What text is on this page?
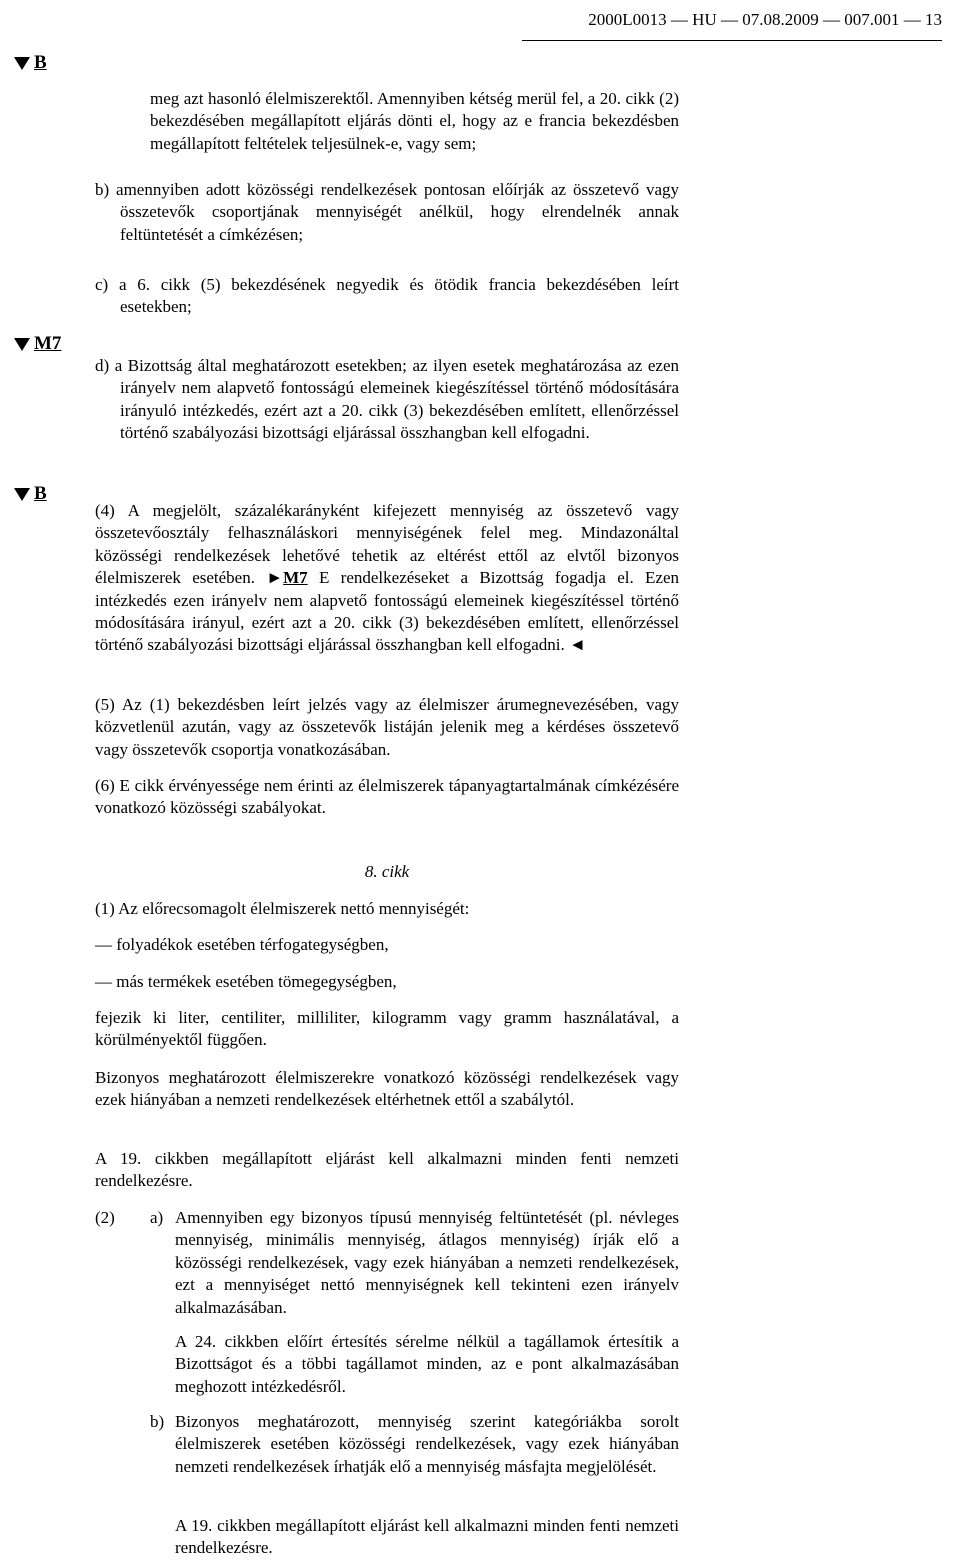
2000L0013 — HU — 07.08.2009 — 007.001 — 13
B
M7
B
meg azt hasonló élelmiszerektől. Amennyiben kétség merül fel, a 20. cikk (2) bekezdésében megállapított eljárás dönti el, hogy az e francia bekezdésben megállapított feltételek teljesülnek-e, vagy sem;
b) amennyiben adott közösségi rendelkezések pontosan előírják az összetevő vagy összetevők csoportjának mennyiségét anélkül, hogy elrendelnék annak feltüntetését a címkézésen;
c) a 6. cikk (5) bekezdésének negyedik és ötödik francia bekezdésében leírt esetekben;
d) a Bizottság által meghatározott esetekben; az ilyen esetek meghatározása az ezen irányelv nem alapvető fontosságú elemeinek kiegészítéssel történő módosítására irányuló intézkedés, ezért azt a 20. cikk (3) bekezdésében említett, ellenőrzéssel történő szabályozási bizottsági eljárással összhangban kell elfogadni.
(4) A megjelölt, százalékarányként kifejezett mennyiség az összetevő vagy összetevőosztály felhasználáskori mennyiségének felel meg. Mindazonáltal közösségi rendelkezések lehetővé tehetik az eltérést ettől az elvtől bizonyos élelmiszerek esetében. ►M7 E rendelkezéseket a Bizottság fogadja el. Ezen intézkedés ezen irányelv nem alapvető fontosságú elemeinek kiegészítéssel történő módosítására irányul, ezért azt a 20. cikk (3) bekezdésében említett, ellenőrzéssel történő szabályozási bizottsági eljárással összhangban kell elfogadni. ◄
(5) Az (1) bekezdésben leírt jelzés vagy az élelmiszer árumegnevezésében, vagy közvetlenül azután, vagy az összetevők listáján jelenik meg a kérdéses összetevő vagy összetevők csoportja vonatkozásában.
(6) E cikk érvényessége nem érinti az élelmiszerek tápanyagtartalmának címkézésére vonatkozó közösségi szabályokat.
8. cikk
(1) Az előrecsomagolt élelmiszerek nettó mennyiségét:
— folyadékok esetében térfogategységben,
— más termékek esetében tömegegységben,
fejezik ki liter, centiliter, milliliter, kilogramm vagy gramm használatával, a körülményektől függően.
Bizonyos meghatározott élelmiszerekre vonatkozó közösségi rendelkezések vagy ezek hiányában a nemzeti rendelkezések eltérhetnek ettől a szabálytól.
A 19. cikkben megállapított eljárást kell alkalmazni minden fenti nemzeti rendelkezésre.
(2) a) Amennyiben egy bizonyos típusú mennyiség feltüntetését (pl. névleges mennyiség, minimális mennyiség, átlagos mennyiség) írják elő a közösségi rendelkezések, vagy ezek hiányában a nemzeti rendelkezések, ezt a mennyiséget nettó mennyiségnek kell tekinteni ezen irányelv alkalmazásában.
A 24. cikkben előírt értesítés sérelme nélkül a tagállamok értesítik a Bizottságot és a többi tagállamot minden, az e pont alkalmazásában meghozott intézkedésről.
b) Bizonyos meghatározott, mennyiség szerint kategóriákba sorolt élelmiszerek esetében közösségi rendelkezések, vagy ezek hiányában nemzeti rendelkezések írhatják elő a mennyiség másfajta megjelölését.
A 19. cikkben megállapított eljárást kell alkalmazni minden fenti nemzeti rendelkezésre.
